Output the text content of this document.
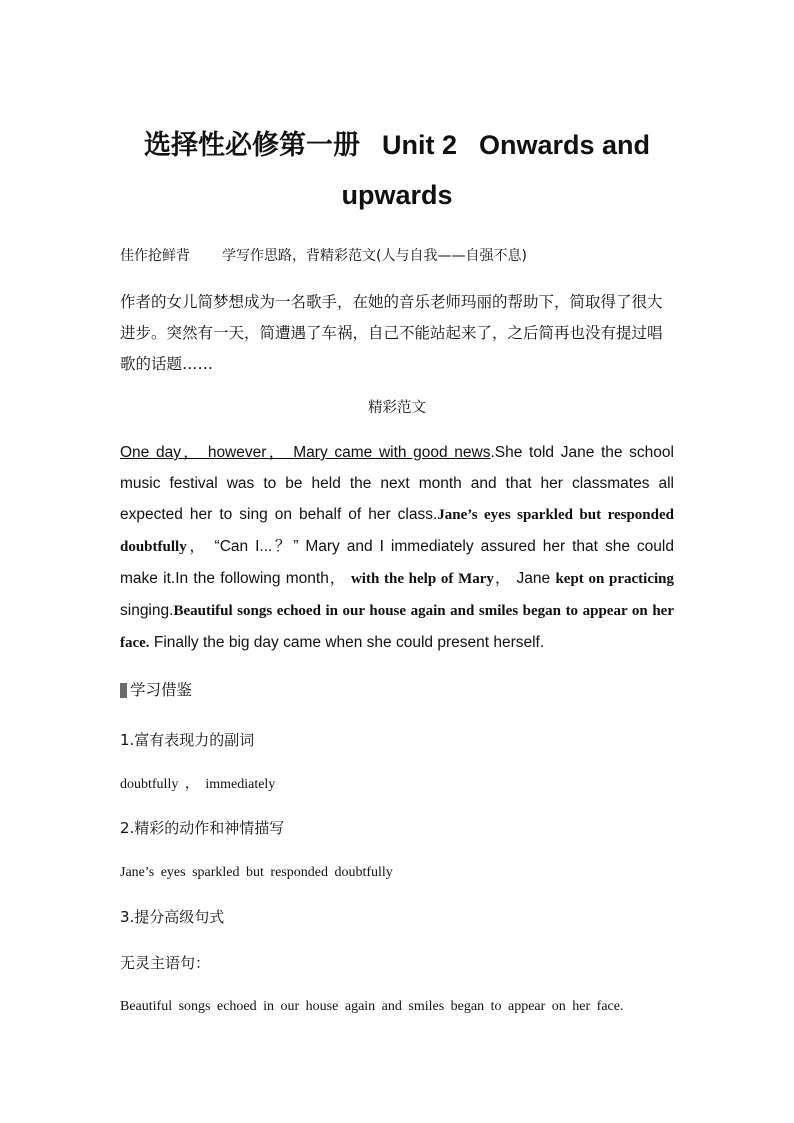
选择性必修第一册 Unit 2 Onwards and
upwards
佳作抢鲜背 学写作思路，背精彩范文(人与自我——自强不息)
作者的女儿简梦想成为一名歌手，在她的音乐老师玛丽的帮助下，简取得了很大进步。突然有一天，简遭遇了车祸，自己不能站起来了，之后简再也没有提过唱歌的话题……
精彩范文
One day， however， Mary came with good news.She told Jane the school music festival was to be held the next month and that her classmates all expected her to sing on behalf of her class.Jane’s eyes sparkled but responded doubtfully， “Can I...？” Mary and I immediately assured her that she could make it.In the following month， with the help of Mary， Jane kept on practicing singing.Beautiful songs echoed in our house again and smiles began to appear on her face. Finally the big day came when she could present herself.
学习借鉴
1.富有表现力的副词
doubtfully ， immediately
2.精彩的动作和神情描写
Jane’s eyes sparkled but responded doubtfully
3.提分高级句式
无灵主语句：
Beautiful songs echoed in our house again and smiles began to appear on her face.
